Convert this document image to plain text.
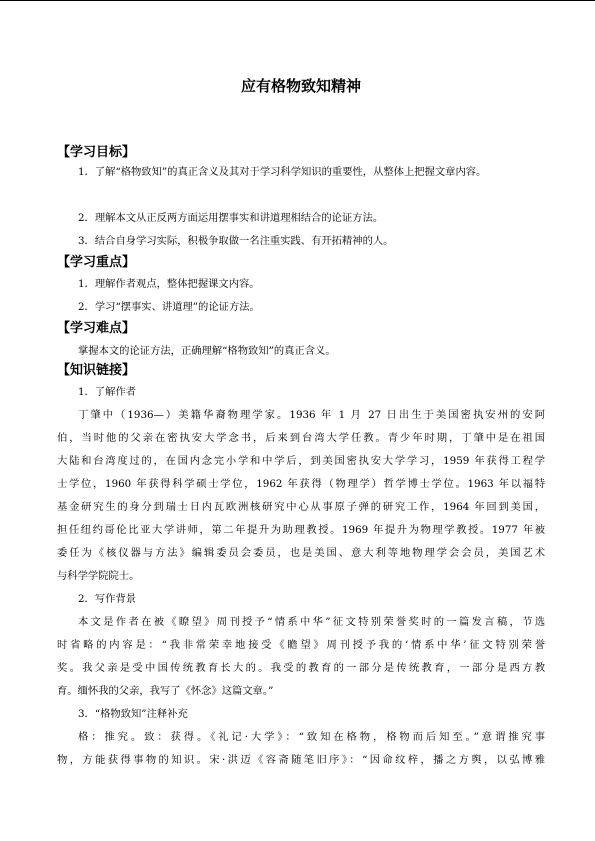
应有格物致知精神
【学习目标】

1．了解“格物致知”的真正含义及其对于学习科学知识的重要性，从整体上把握文章内容。

2．理解本文从正反两方面运用摆事实和讲道理相结合的论证方法。
3．结合自身学习实际，积极争取做一名注重实践、有开拓精神的人。
【学习重点】
1．理解作者观点，整体把握课文内容。
2．学习“摆事实、讲道理”的论证方法。
【学习难点】
掌握本文的论证方法，正确理解“格物致知”的真正含义。
【知识链接】
1．了解作者
丁肇中（1936—）美籍华裔物理学家。1936 年 1 月 27 日出生于美国密执安州的安阿
伯，当时他的父亲在密执安大学念书，后来到台湾大学任教。青少年时期，丁肇中是在祖国
大陆和台湾度过的，在国内念完小学和中学后，到美国密执安大学学习，1959 年获得工程学
士学位，1960 年获得科学硕士学位，1962 年获得（物理学）哲学博士学位。1963 年以福特
基金研究生的身分到瑞士日内瓦欧洲核研究中心从事原子弹的研究工作，1964 年回到美国，
担任纽约哥伦比亚大学讲师，第二年提升为助理教授。1969 年提升为物理学教授。1977 年被
委任为《核仪器与方法》编辑委员会委员，也是美国、意大利等地物理学会会员，美国艺术
与科学学院院士。
2．写作背景
本文是作者在被《瞭望》周刊授予“情系中华”征文特别荣誉奖时的一篇发言稿，节选
时省略的内容是：“我非常荣幸地接受《瞻望》周刊授予我的‘情系中华’征文特别荣誉
奖。我父亲是受中国传统教育长大的。我受的教育的一部分是传统教育，一部分是西方教
育。缅怀我的父亲，我写了《怀念》这篇文章。”
3．“格物致知”注释补充
格：推究。致：获得。《礼记·大学》：“致知在格物，格物而后知至。”意谓推究事
物，方能获得事物的知识。宋·洪迈《容斋随笔旧序》：“因命纹梓，播之方舆，以弘博雅
